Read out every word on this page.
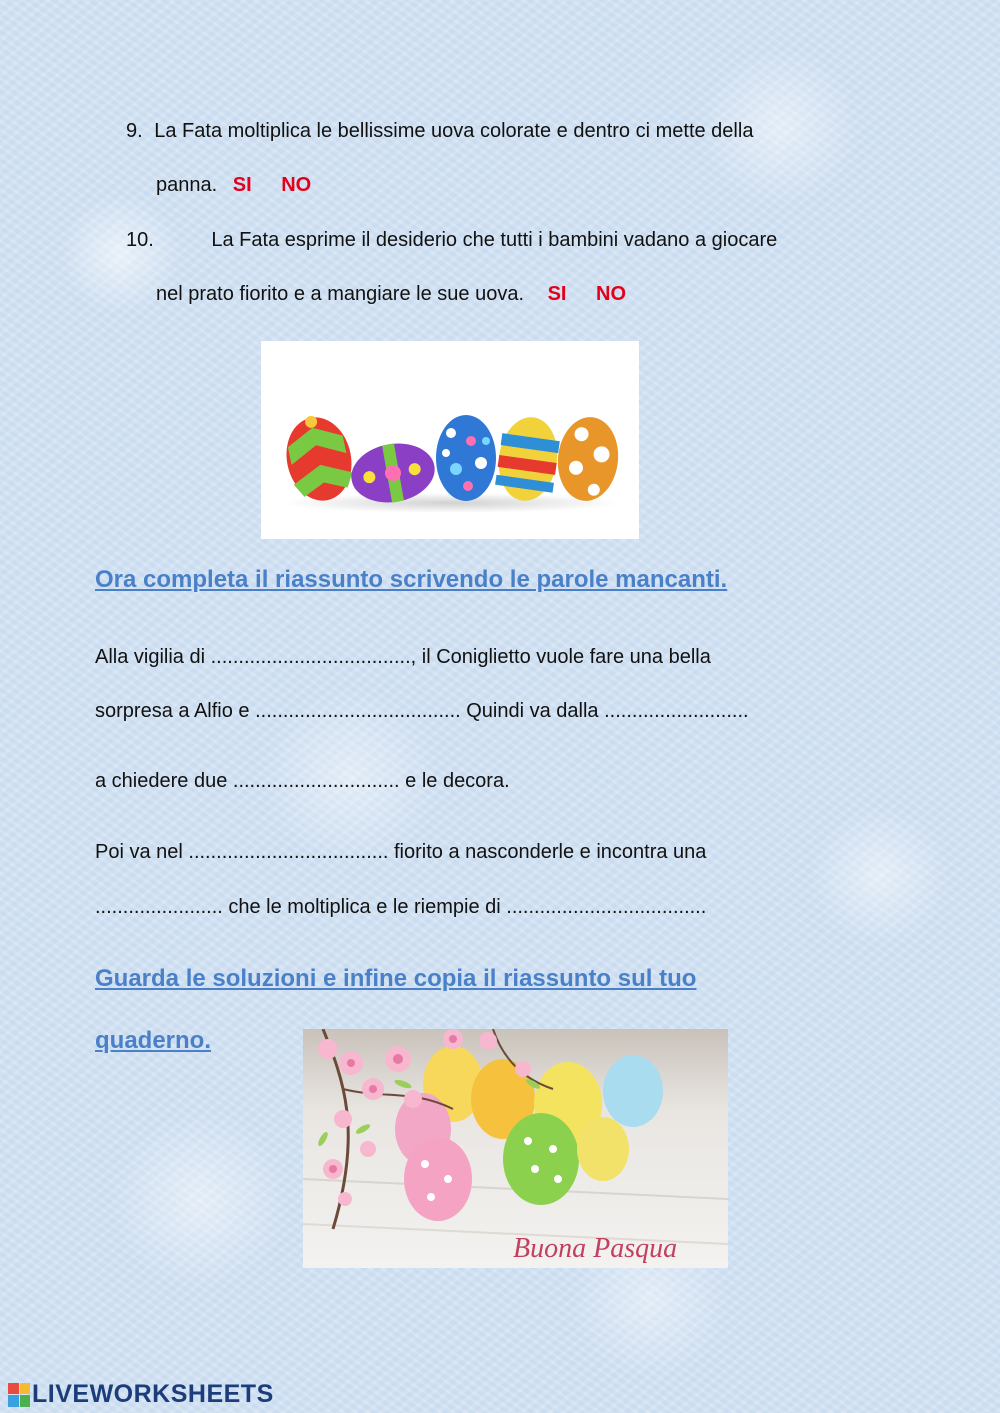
9. La Fata moltiplica le bellissime uova colorate e dentro ci mette della
panna. SI NO
10.	La Fata esprime il desiderio che tutti i bambini vadano a giocare
nel prato fiorito e a mangiare le sue uova. SI NO
Ora completa il riassunto scrivendo le parole mancanti.
Alla vigilia di ...................................., il Coniglietto vuole fare una bella
sorpresa a Alfio e ..................................... Quindi va dalla ..........................
a chiedere due .............................. e le decora.
Poi va nel .................................... fiorito a nasconderle e incontra una
....................... che le moltiplica e le riempie di ....................................
Guarda le soluzioni e infine copia il riassunto sul tuo
quaderno.
Buona Pasqua
LIVEWORKSHEETS
